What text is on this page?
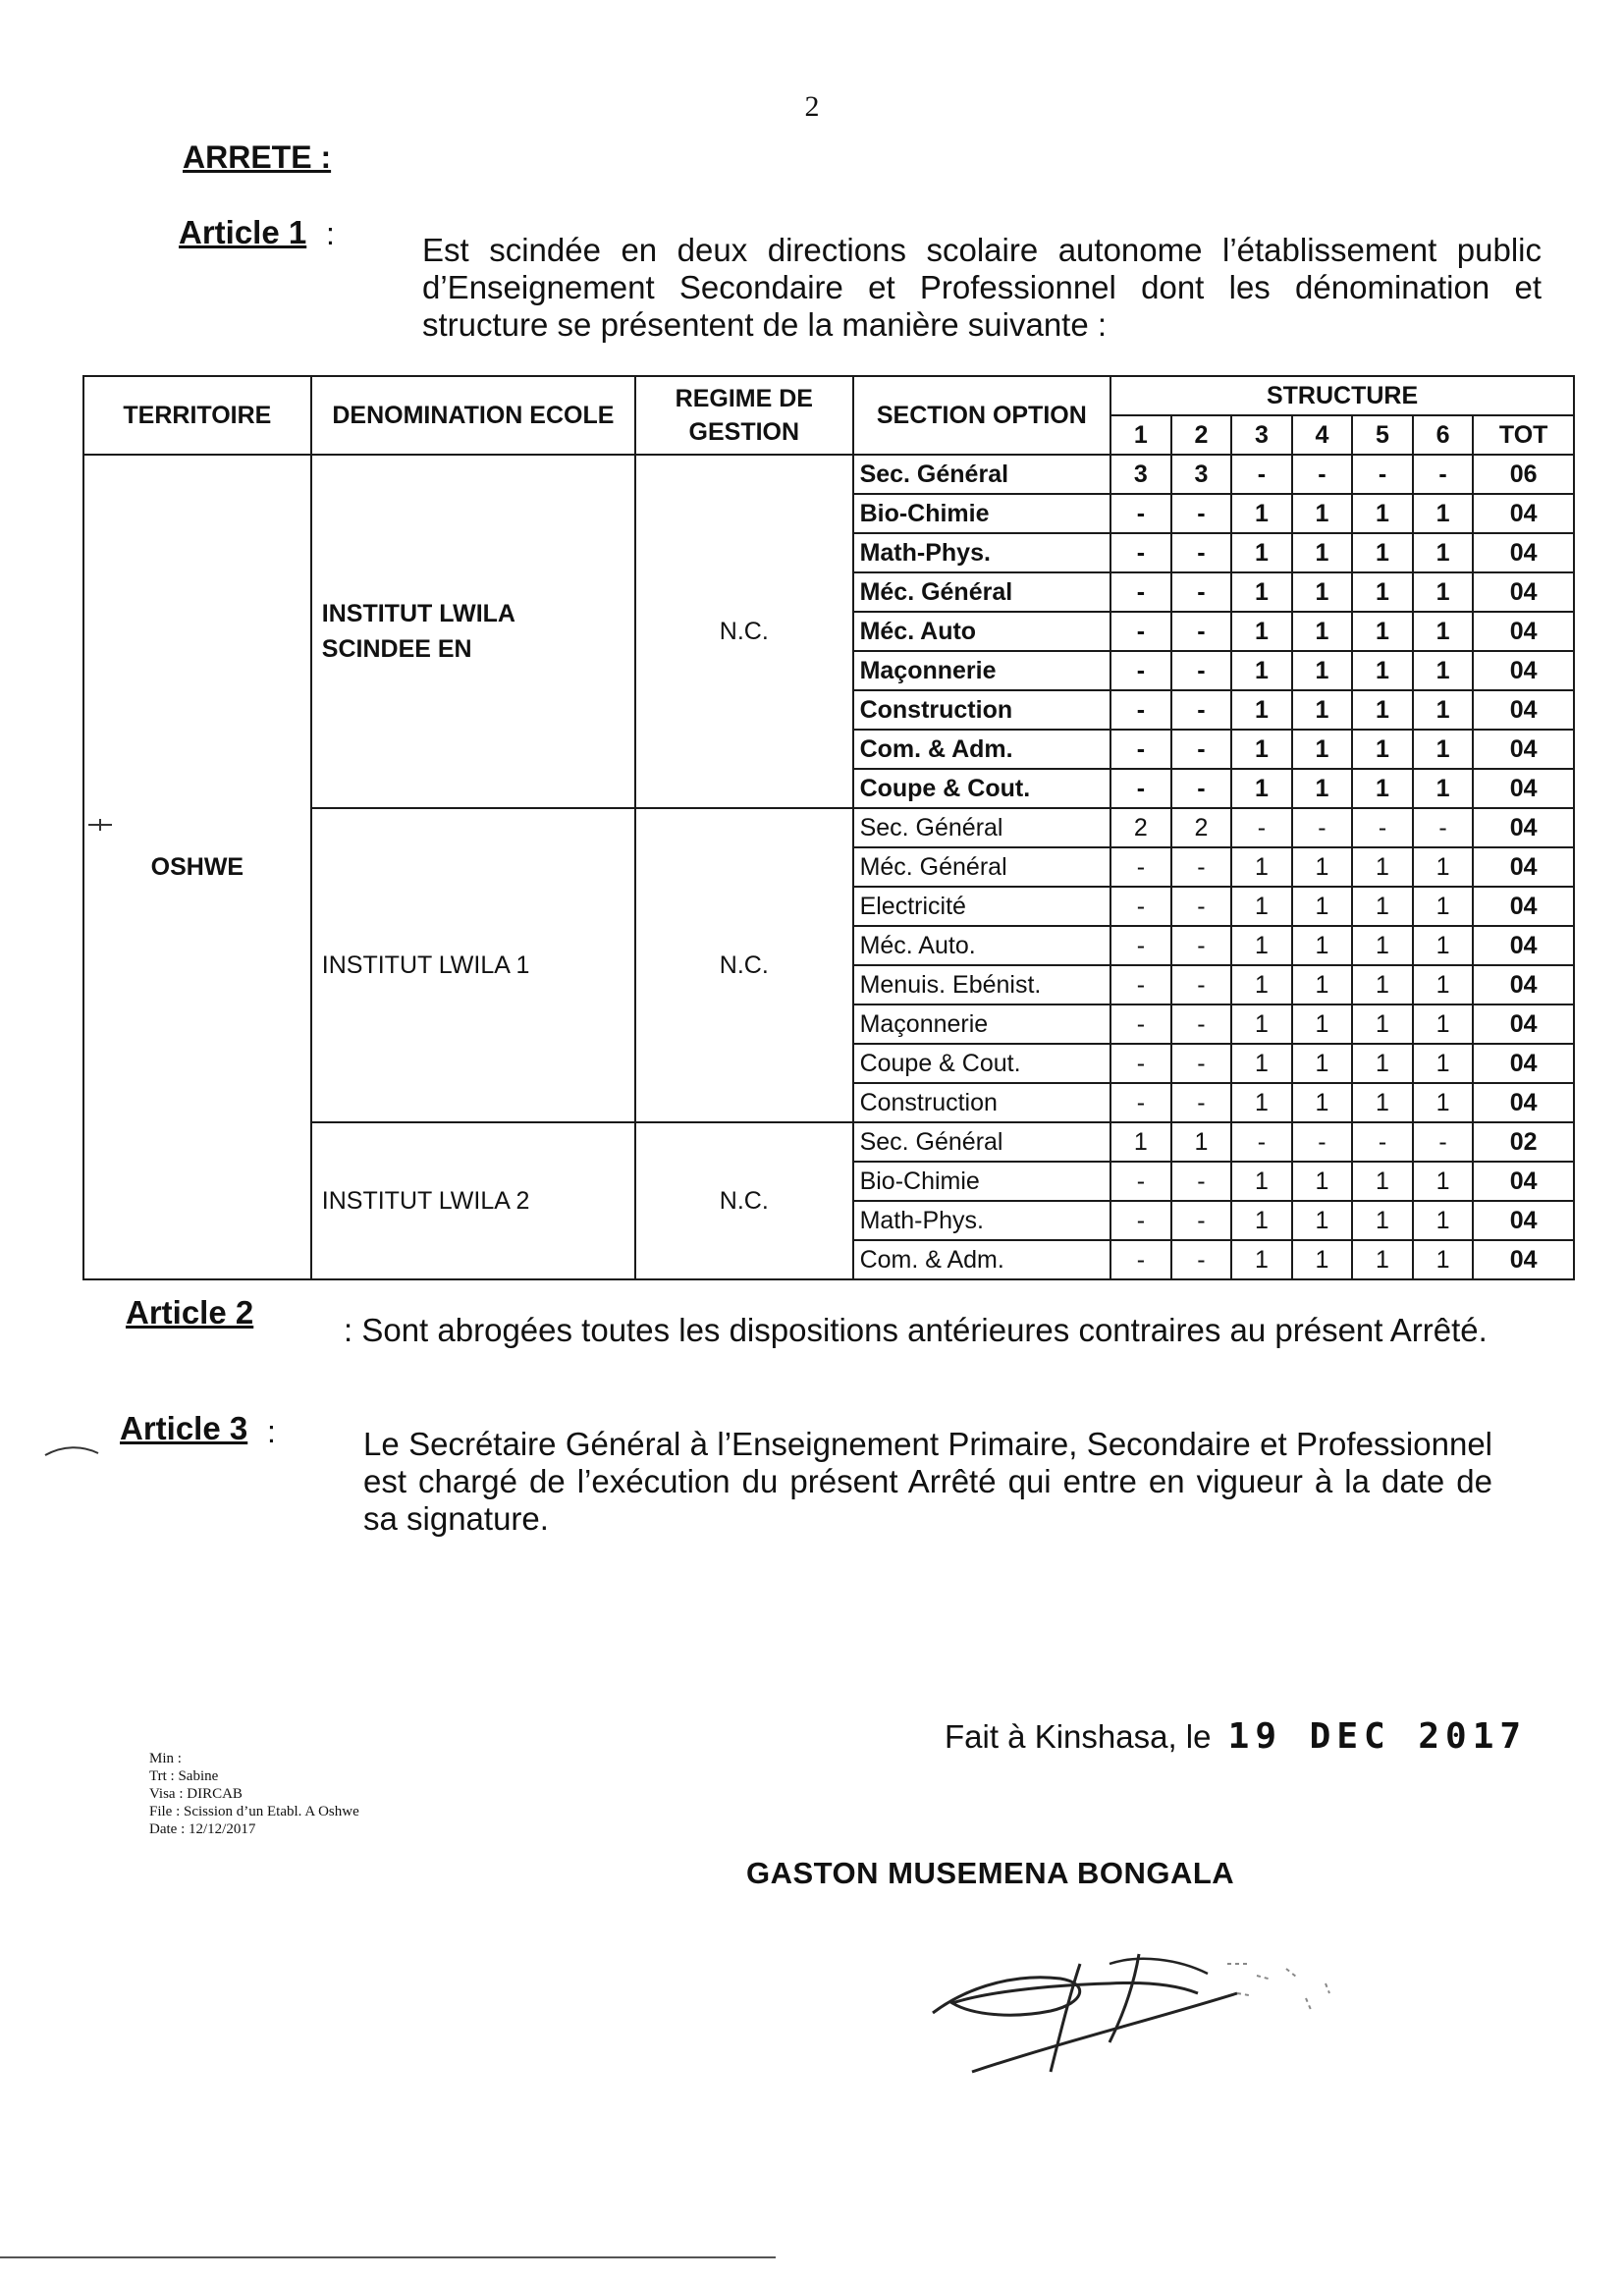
2
ARRETE :
Article 1 :	Est scindée en deux directions scolaire autonome l’établissement public d’Enseignement Secondaire et Professionnel dont les dénomination et structure se présentent de la manière suivante :
TERRITOIRE	DENOMINATION ECOLE	REGIME DE GESTION	SECTION OPTION	STRUCTURE						
				1	2	3	4	5	6	TOT
OSHWE	INSTITUT LWILA SCINDEE EN	N.C.	Sec. Général	3	3	-	-	-	-	06
			Bio-Chimie	-	-	1	1	1	1	04
			Math-Phys.	-	-	1	1	1	1	04
			Méc. Général	-	-	1	1	1	1	04
			Méc. Auto	-	-	1	1	1	1	04
			Maçonnerie	-	-	1	1	1	1	04
			Construction	-	-	1	1	1	1	04
			Com. & Adm.	-	-	1	1	1	1	04
			Coupe & Cout.	-	-	1	1	1	1	04
	INSTITUT LWILA 1	N.C.	Sec. Général	2	2	-	-	-	-	04
			Méc. Général	-	-	1	1	1	1	04
			Electricité	-	-	1	1	1	1	04
			Méc. Auto.	-	-	1	1	1	1	04
			Menuis. Ebénist.	-	-	1	1	1	1	04
			Maçonnerie	-	-	1	1	1	1	04
			Coupe & Cout.	-	-	1	1	1	1	04
			Construction	-	-	1	1	1	1	04
	INSTITUT LWILA 2	N.C.	Sec. Général	1	1	-	-	-	-	02
			Bio-Chimie	-	-	1	1	1	1	04
			Math-Phys.	-	-	1	1	1	1	04
			Com. & Adm.	-	-	1	1	1	1	04
Article 2	: Sont abrogées toutes les dispositions antérieures contraires au présent Arrêté.
Article 3 :	Le Secrétaire Général à l’Enseignement Primaire, Secondaire et Professionnel est chargé de l’exécution du présent Arrêté qui entre en vigueur à la date de sa signature.
Min :
Trt : Sabine
Visa : DIRCAB
File : Scission d’un Etabl. A Oshwe
Date : 12/12/2017
Fait à Kinshasa, le 19 DEC 2017
GASTON MUSEMENA BONGALA
